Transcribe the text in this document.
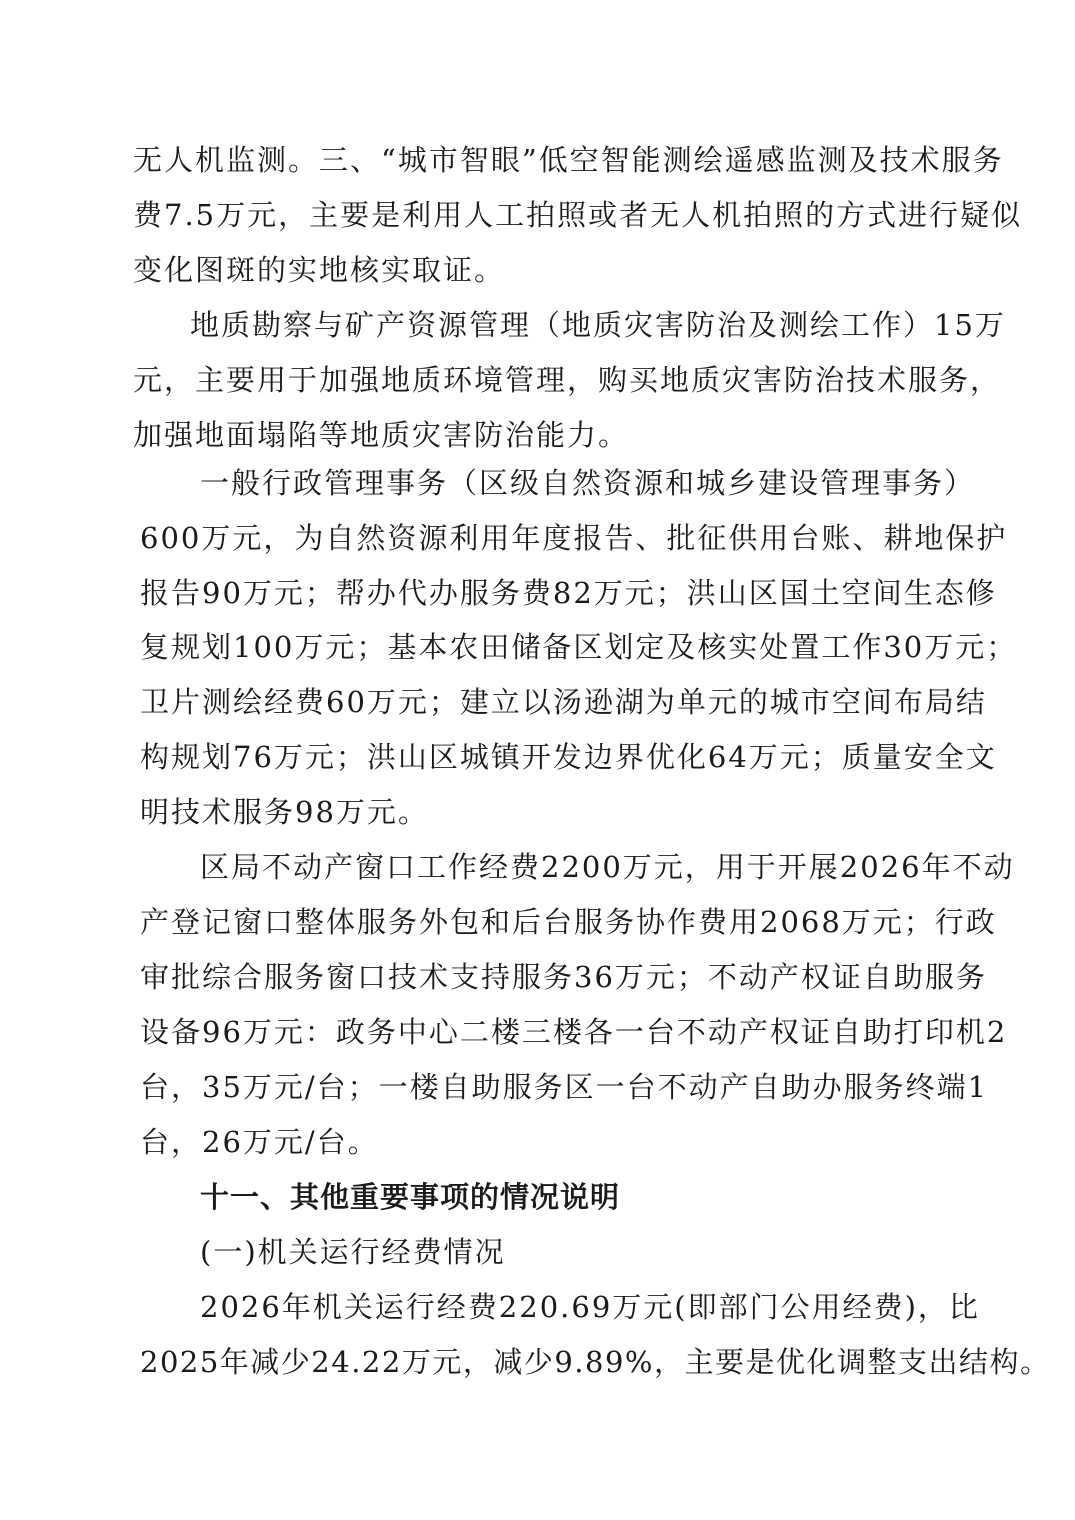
无人机监测。三、“城市智眼”低空智能测绘遥感监测及技术服务
费7.5万元，主要是利用人工拍照或者无人机拍照的方式进行疑似
变化图斑的实地核实取证。
地质勘察与矿产资源管理（地质灾害防治及测绘工作）15万
元，主要用于加强地质环境管理，购买地质灾害防治技术服务，
加强地面塌陷等地质灾害防治能力。
一般行政管理事务（区级自然资源和城乡建设管理事务）
600万元，为自然资源利用年度报告、批征供用台账、耕地保护
报告90万元；帮办代办服务费82万元；洪山区国土空间生态修
复规划100万元；基本农田储备区划定及核实处置工作30万元；
卫片测绘经费60万元；建立以汤逊湖为单元的城市空间布局结
构规划76万元；洪山区城镇开发边界优化64万元；质量安全文
明技术服务98万元。
区局不动产窗口工作经费2200万元，用于开展2026年不动
产登记窗口整体服务外包和后台服务协作费用2068万元；行政
审批综合服务窗口技术支持服务36万元；不动产权证自助服务
设备96万元：政务中心二楼三楼各一台不动产权证自助打印机2
台，35万元/台；一楼自助服务区一台不动产自助办服务终端1
台，26万元/台。
十一、其他重要事项的情况说明
(一)机关运行经费情况
2026年机关运行经费220.69万元(即部门公用经费)，比
2025年减少24.22万元，减少9.89%，主要是优化调整支出结构。
